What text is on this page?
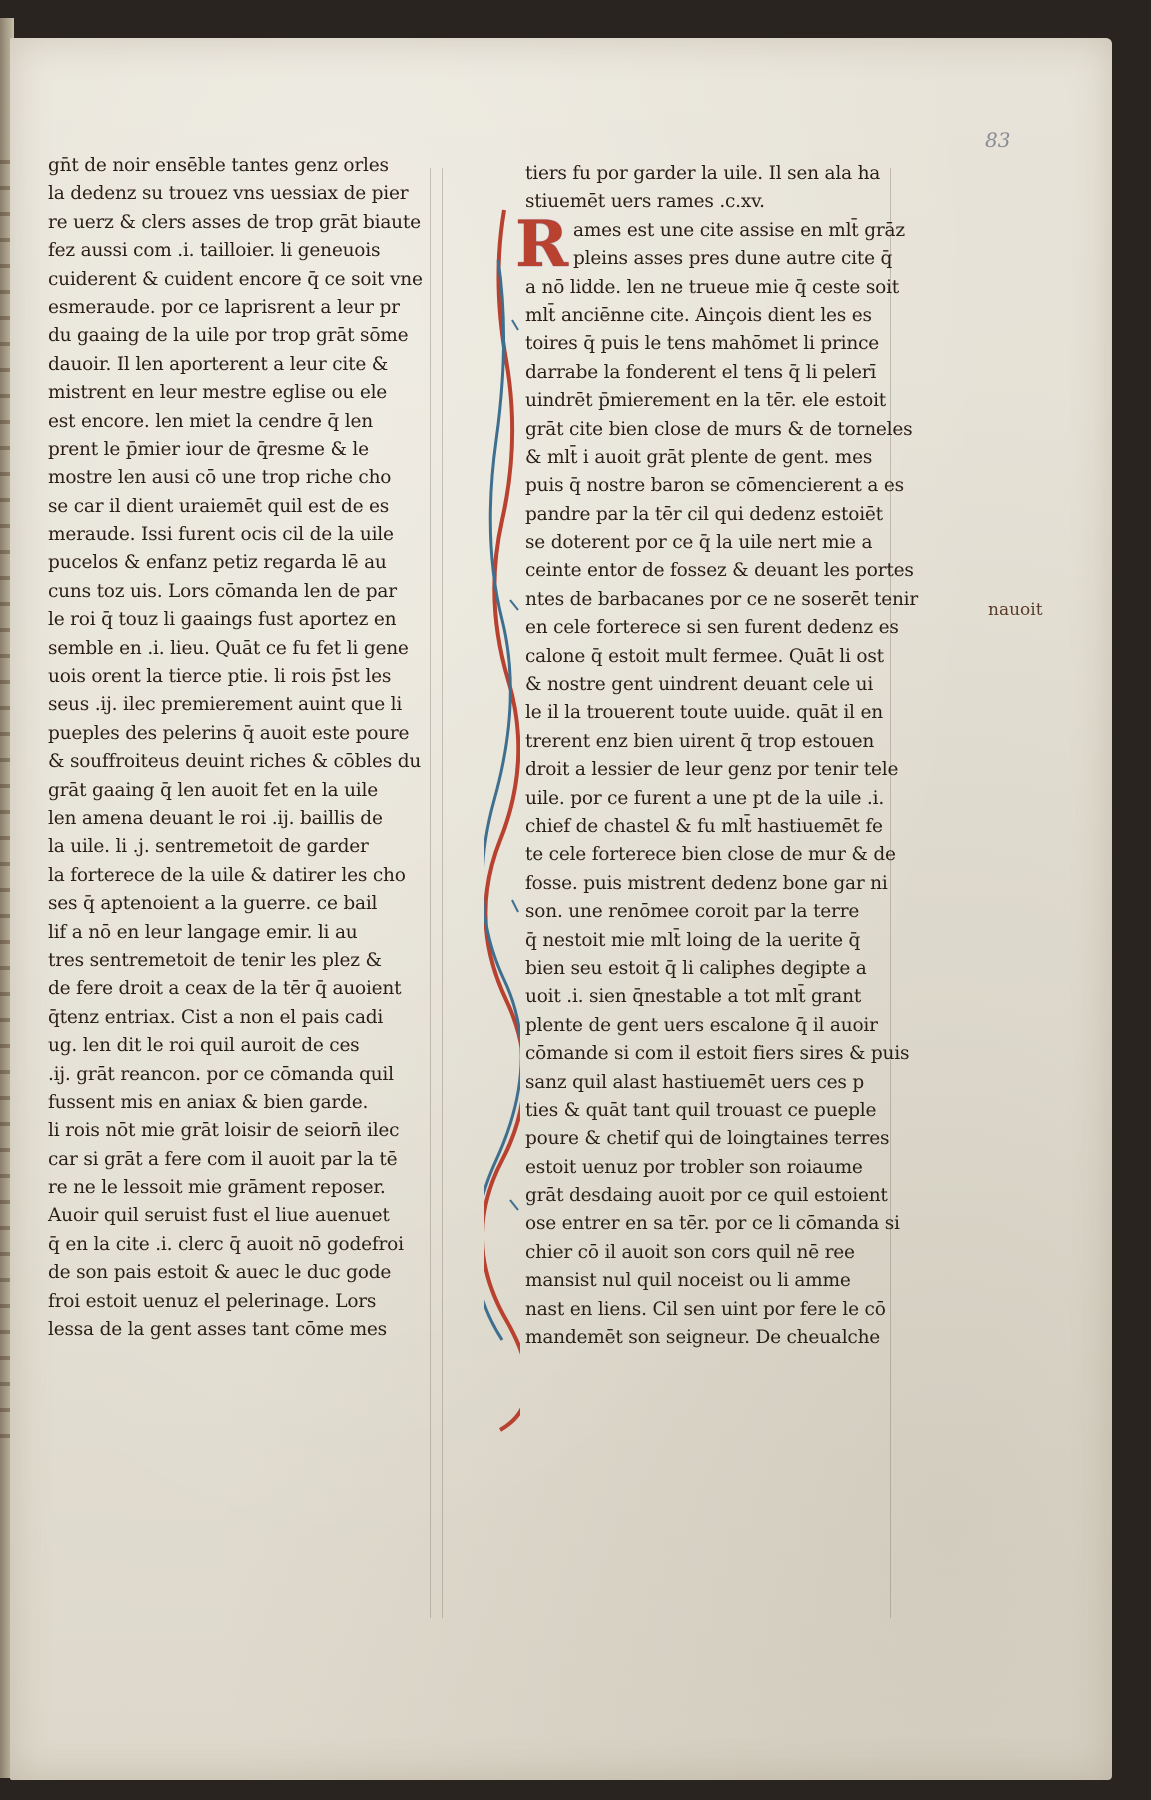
83
gn̄t de noir ensēble tantes genz orles
la dedenz su trouez vns uessiax de pier
re uerz & clers asses de trop grāt biaute
fez aussi com .i. tailloier. li geneuois
cuiderent & cuident encore q̄ ce soit vne
esmeraude. por ce laprisrent a leur pr
du gaaing de la uile por trop grāt sōme
dauoir. Il len aporterent a leur cite &
mistrent en leur mestre eglise ou ele
est encore. len miet la cendre q̄ len
prent le p̄mier iour de q̄resme & le
mostre len ausi cō une trop riche cho
se car il dient uraiemēt quil est de es
meraude. Issi furent ocis cil de la uile
pucelos & enfanz petiz regarda lē au
cuns toz uis. Lors cōmanda len de par
le roi q̄ touz li gaaings fust aportez en
semble en .i. lieu. Quāt ce fu fet li gene
uois orent la tierce ptie. li rois p̄st les
seus .ij. ilec premierement auint que li
pueples des pelerins q̄ auoit este poure
& souffroiteus deuint riches & cōbles du
grāt gaaing q̄ len auoit fet en la uile
len amena deuant le roi .ij. baillis de
la uile. li .j. sentremetoit de garder
la forterece de la uile & datirer les cho
ses q̄ aptenoient a la guerre. ce bail
lif a nō en leur langage emir. li au
tres sentremetoit de tenir les plez &
de fere droit a ceax de la tēr q̄ auoient
q̄tenz entriax. Cist a non el pais cadi
ug. len dit le roi quil auroit de ces
.ij. grāt reancon. por ce cōmanda quil
fussent mis en aniax & bien garde.
li rois nōt mie grāt loisir de seiorn̄ ilec
car si grāt a fere com il auoit par la tē
re ne le lessoit mie grāment reposer.
Auoir quil seruist fust el liue auenuet
q̄ en la cite .i. clerc q̄ auoit nō godefroi
de son pais estoit & auec le duc gode
froi estoit uenuz el pelerinage. Lors
lessa de la gent asses tant cōme mes
R
tiers fu por garder la uile. Il sen ala ha
stiuemēt uers rames .c.xv.
ames est une cite assise en mlt̄ grāz
pleins asses pres dune autre cite q̄
a nō lidde. len ne trueue mie q̄ ceste soit
mlt̄ anciēnne cite. Ainçois dient les es
toires q̄ puis le tens mahōmet li prince
darrabe la fonderent el tens q̄ li pelerī
uindrēt p̄mierement en la tēr. ele estoit
grāt cite bien close de murs & de torneles
& mlt̄ i auoit grāt plente de gent. mes
puis q̄ nostre baron se cōmencierent a es
pandre par la tēr cil qui dedenz estoiēt
se doterent por ce q̄ la uile nert mie a
ceinte entor de fossez & deuant les portes
ntes de barbacanes por ce ne soserēt tenir
en cele forterece si sen furent dedenz es
calone q̄ estoit mult fermee. Quāt li ost
& nostre gent uindrent deuant cele ui
le il la trouerent toute uuide. quāt il en
trerent enz bien uirent q̄ trop estouen
droit a lessier de leur genz por tenir tele
uile. por ce furent a une pt de la uile .i.
chief de chastel & fu mlt̄ hastiuemēt fe
te cele forterece bien close de mur & de
fosse. puis mistrent dedenz bone gar ni
son. une renōmee coroit par la terre
q̄ nestoit mie mlt̄ loing de la uerite q̄
bien seu estoit q̄ li caliphes degipte a
uoit .i. sien q̄nestable a tot mlt̄ grant
plente de gent uers escalone q̄ il auoir
cōmande si com il estoit fiers sires & puis
sanz quil alast hastiuemēt uers ces p
ties & quāt tant quil trouast ce pueple
poure & chetif qui de loingtaines terres
estoit uenuz por trobler son roiaume
grāt desdaing auoit por ce quil estoient
ose entrer en sa tēr. por ce li cōmanda si
chier cō il auoit son cors quil nē ree
mansist nul quil noceist ou li amme
nast en liens. Cil sen uint por fere le cō
mandemēt son seigneur. De cheualche
nauoit
